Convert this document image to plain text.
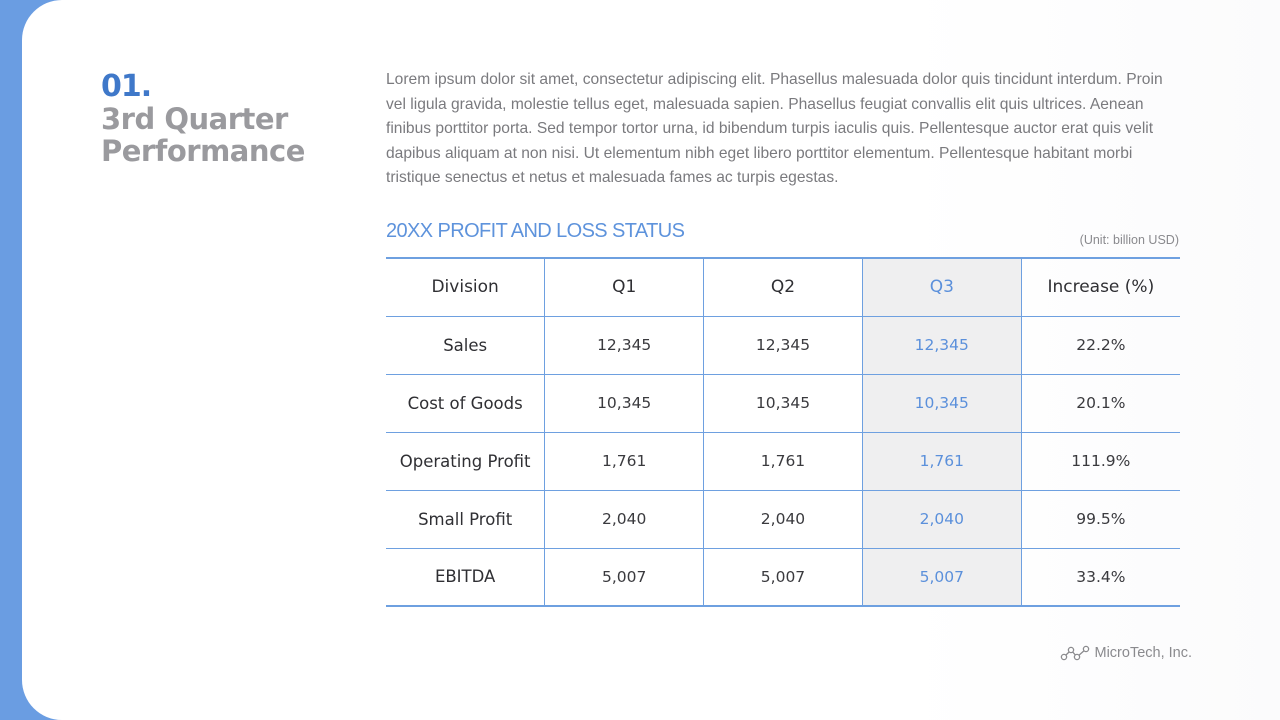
01.
3rd Quarter Performance

Lorem ipsum dolor sit amet, consectetur adipiscing elit. Phasellus malesuada dolor quis tincidunt interdum. Proin vel ligula gravida, molestie tellus eget, malesuada sapien. Phasellus feugiat convallis elit quis ultrices. Aenean finibus porttitor porta. Sed tempor tortor urna, id bibendum turpis iaculis quis. Pellentesque auctor erat quis velit dapibus aliquam at non nisi. Ut elementum nibh eget libero porttitor elementum. Pellentesque habitant morbi tristique senectus et netus et malesuada fames ac turpis egestas.

20XX PROFIT AND LOSS STATUS	(Unit: billion USD)
Division	Q1	Q2	Q3	Increase (%)
Sales	12,345	12,345	12,345	22.2%
Cost of Goods	10,345	10,345	10,345	20.1%
Operating Profit	1,761	1,761	1,761	111.9%
Small Profit	2,040	2,040	2,040	99.5%
EBITDA	5,007	5,007	5,007	33.4%
MicroTech, Inc.
